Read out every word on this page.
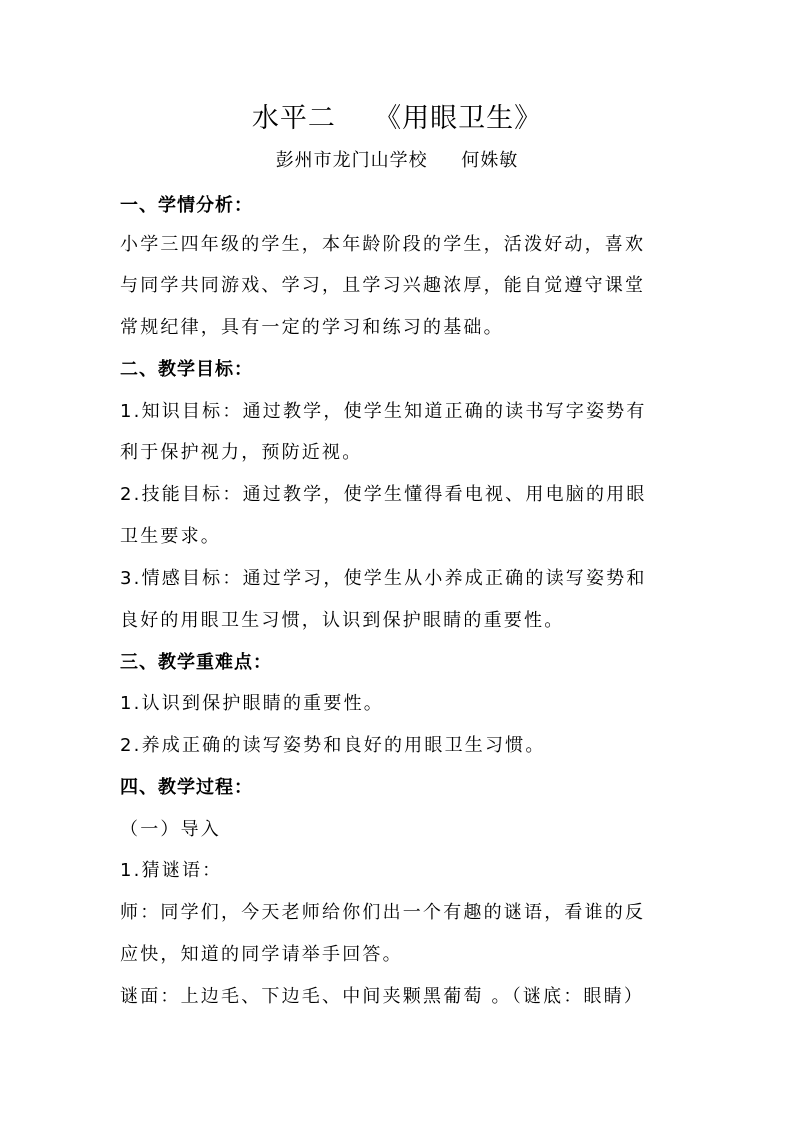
水平二    《用眼卫生》
彭州市龙门山学校     何姝敏
一、学情分析：
小学三四年级的学生，本年龄阶段的学生，活泼好动，喜欢
与同学共同游戏、学习，且学习兴趣浓厚，能自觉遵守课堂
常规纪律，具有一定的学习和练习的基础。
二、教学目标：
1.知识目标：通过教学，使学生知道正确的读书写字姿势有
利于保护视力，预防近视。
2.技能目标：通过教学，使学生懂得看电视、用电脑的用眼
卫生要求。
3.情感目标：通过学习，使学生从小养成正确的读写姿势和
良好的用眼卫生习惯，认识到保护眼睛的重要性。
三、教学重难点：
1.认识到保护眼睛的重要性。
2.养成正确的读写姿势和良好的用眼卫生习惯。
四、教学过程：
（一）导入
1.猜谜语：
师：同学们，今天老师给你们出一个有趣的谜语，看谁的反
应快，知道的同学请举手回答。
谜面：上边毛、下边毛、中间夹颗黑葡萄 。（谜底：眼睛）
